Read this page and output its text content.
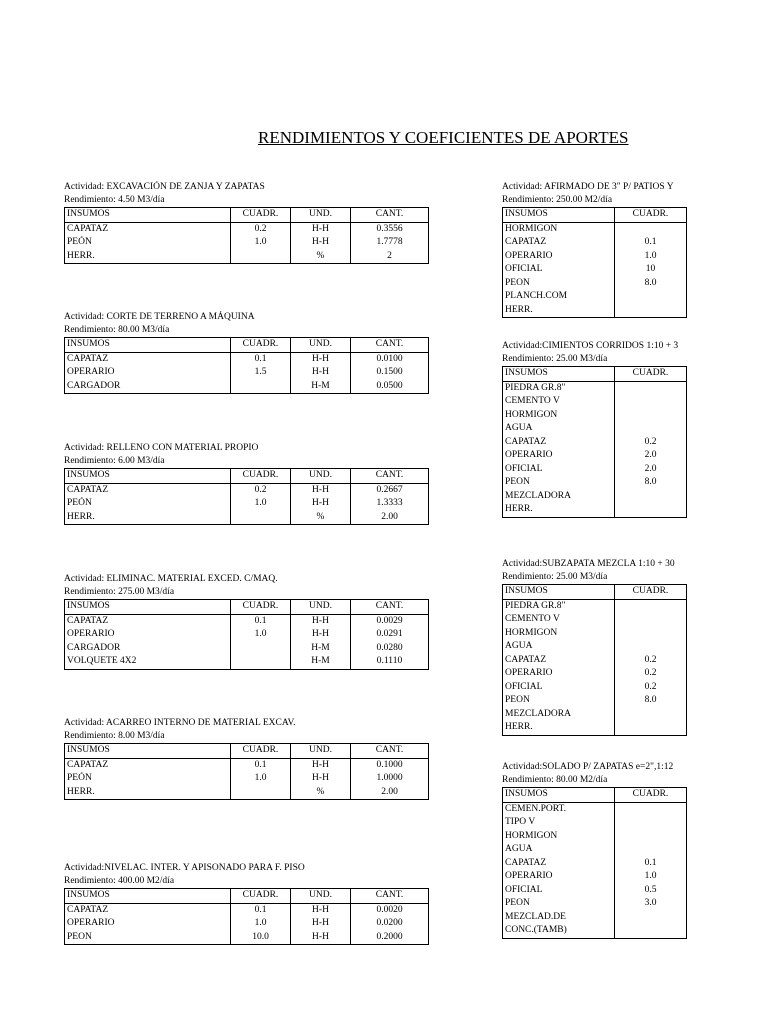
RENDIMIENTOS Y COEFICIENTES DE APORTES
Actividad: EXCAVACIÓN DE ZANJA Y ZAPATAS
Rendimiento: 4.50 M3/día
INSUMOS	CUADR.	UND.	CANT.
CAPATAZ	0.2	H-H	0.3556
PEÓN	1.0	H-H	1.7778
HERR.		%	2
Actividad: CORTE DE TERRENO A MÁQUINA
Rendimiento: 80.00 M3/día
INSUMOS	CUADR.	UND.	CANT.
CAPATAZ	0.1	H-H	0.0100
OPERARIO	1.5	H-H	0.1500
CARGADOR		H-M	0.0500
Actividad: RELLENO CON MATERIAL PROPIO
Rendimiento: 6.00 M3/día
INSUMOS	CUADR.	UND.	CANT.
CAPATAZ	0.2	H-H	0.2667
PEÓN	1.0	H-H	1.3333
HERR.		%	2.00
Actividad: ELIMINAC. MATERIAL EXCED. C/MAQ.
Rendimiento: 275.00 M3/día
INSUMOS	CUADR.	UND.	CANT.
CAPATAZ	0.1	H-H	0.0029
OPERARIO	1.0	H-H	0.0291
CARGADOR		H-M	0.0280
VOLQUETE 4X2		H-M	0.1110
Actividad: ACARREO INTERNO DE MATERIAL EXCAV.
Rendimiento: 8.00 M3/día
INSUMOS	CUADR.	UND.	CANT.
CAPATAZ	0.1	H-H	0.1000
PEÓN	1.0	H-H	1.0000
HERR.		%	2.00
Actividad:NIVELAC. INTER. Y APISONADO PARA F. PISO
Rendimiento: 400.00 M2/día
INSUMOS	CUADR.	UND.	CANT.
CAPATAZ	0.1	H-H	0.0020
OPERARIO	1.0	H-H	0.0200
PEON	10.0	H-H	0.2000
Actividad: AFIRMADO DE 3" P/ PATIOS Y
Rendimiento: 250.00 M2/día
INSUMOS	CUADR.
HORMIGON	
CAPATAZ	0.1
OPERARIO	1.0
OFICIAL	10
PEON	8.0
PLANCH.COM	
HERR.	
Actividad:CIMIENTOS CORRIDOS 1:10 + 3
Rendimiento: 25.00 M3/día
INSUMOS	CUADR.
PIEDRA GR.8"	
CEMENTO V	
HORMIGON	
AGUA	
CAPATAZ	0.2
OPERARIO	2.0
OFICIAL	2.0
PEON	8.0
MEZCLADORA	
HERR.	
Actividad:SUBZAPATA MEZCLA 1:10 + 30
Rendimiento: 25.00 M3/día
INSUMOS	CUADR.
PIEDRA GR.8"	
CEMENTO V	
HORMIGON	
AGUA	
CAPATAZ	0.2
OPERARIO	0.2
OFICIAL	0.2
PEON	8.0
MEZCLADORA	
HERR.	
Actividad:SOLADO P/ ZAPATAS e=2",1:12
Rendimiento: 80.00 M2/día
INSUMOS	CUADR.
CEMEN.PORT.	
TIPO V	
HORMIGON	
AGUA	
CAPATAZ	0.1
OPERARIO	1.0
OFICIAL	0.5
PEON	3.0
MEZCLAD.DE	
CONC.(TAMB)	
